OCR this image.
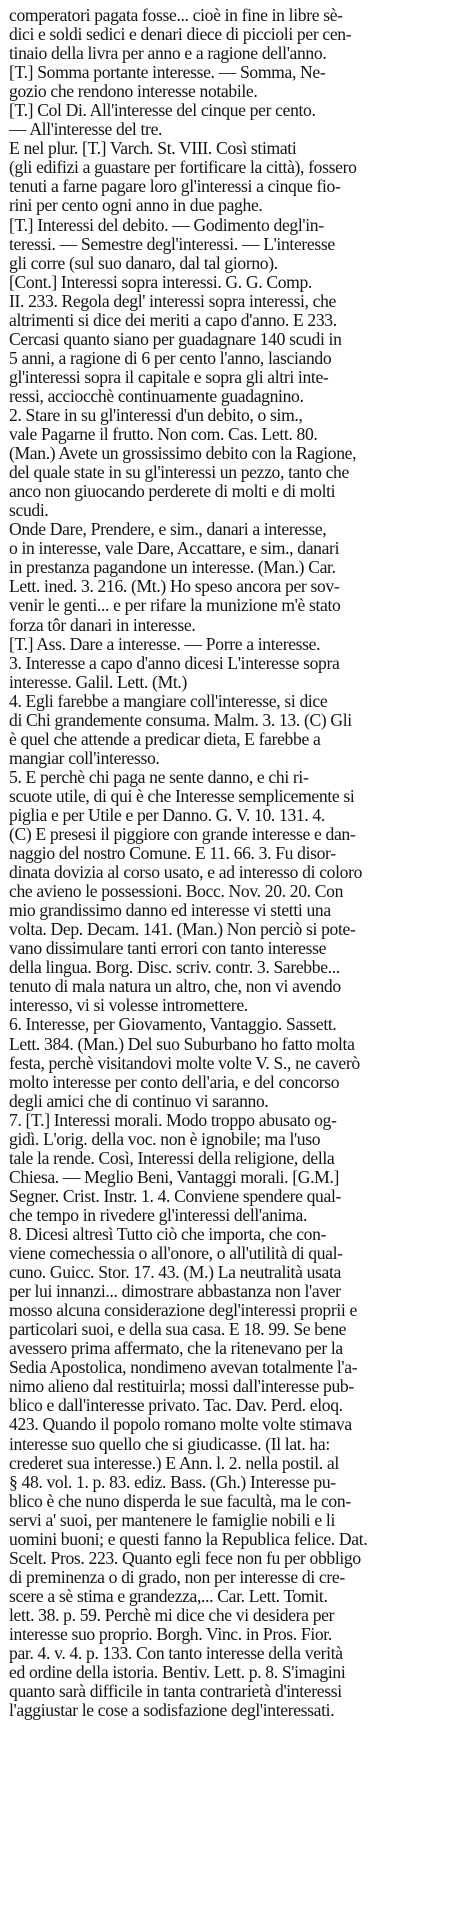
comperatori pagata fosse... cioè in fine in libre sè-
dici e soldi sedici e denari diece di piccioli per cen-
tinaio della livra per anno e a ragione dell'anno.
[T.] Somma portante interesse. — Somma, Ne-
gozio che rendono interesse notabile.
[T.] Col Di. All'interesse del cinque per cento.
— All'interesse del tre.
E nel plur. [T.] Varch. St. VIII. Così stimati
(gli edifizi a guastare per fortificare la città), fossero
tenuti a farne pagare loro gl'interessi a cinque fio-
rini per cento ogni anno in due paghe.
[T.] Interessi del debito. — Godimento degl'in-
teressi. — Semestre degl'interessi. — L'interesse
gli corre (sul suo danaro, dal tal giorno).
[Cont.] Interessi sopra interessi. G. G. Comp.
II. 233. Regola degl' interessi sopra interessi, che
altrimenti si dice dei meriti a capo d'anno. E 233.
Cercasi quanto siano per guadagnare 140 scudi in
5 anni, a ragione di 6 per cento l'anno, lasciando
gl'interessi sopra il capitale e sopra gli altri inte-
ressi, acciocchè continuamente guadagnino.
2. Stare in su gl'interessi d'un debito, o sim.,
vale Pagarne il frutto. Non com. Cas. Lett. 80.
(Man.) Avete un grossissimo debito con la Ragione,
del quale state in su gl'interessi un pezzo, tanto che
anco non giuocando perderete di molti e di molti
scudi.
Onde Dare, Prendere, e sim., danari a interesse,
o in interesse, vale Dare, Accattare, e sim., danari
in prestanza pagandone un interesse. (Man.) Car.
Lett. ined. 3. 216. (Mt.) Ho speso ancora per sov-
venir le genti... e per rifare la munizione m'è stato
forza tôr danari in interesse.
[T.] Ass. Dare a interesse. — Porre a interesse.
3. Interesse a capo d'anno dicesi L'interesse sopra
interesse. Galil. Lett. (Mt.)
4. Egli farebbe a mangiare coll'interesse, si dice
di Chi grandemente consuma. Malm. 3. 13. (C) Gli
è quel che attende a predicar dieta, E farebbe a
mangiar coll'interesso.
5. E perchè chi paga ne sente danno, e chi ri-
scuote utile, di qui è che Interesse semplicemente si
piglia e per Utile e per Danno. G. V. 10. 131. 4.
(C) E presesi il piggiore con grande interesse e dan-
naggio del nostro Comune. E 11. 66. 3. Fu disor-
dinata dovizia al corso usato, e ad interesso di coloro
che avieno le possessioni. Bocc. Nov. 20. 20. Con
mio grandissimo danno ed interesse vi stetti una
volta. Dep. Decam. 141. (Man.) Non perciò si pote-
vano dissimulare tanti errori con tanto interesse
della lingua. Borg. Disc. scriv. contr. 3. Sarebbe...
tenuto di mala natura un altro, che, non vi avendo
interesso, vi si volesse intromettere.
6. Interesse, per Giovamento, Vantaggio. Sassett.
Lett. 384. (Man.) Del suo Suburbano ho fatto molta
festa, perchè visitandovi molte volte V. S., ne caverò
molto interesse per conto dell'aria, e del concorso
degli amici che di continuo vi saranno.
7. [T.] Interessi morali. Modo troppo abusato og-
gidì. L'orig. della voc. non è ignobile; ma l'uso
tale la rende. Così, Interessi della religione, della
Chiesa. — Meglio Beni, Vantaggi morali. [G.M.]
Segner. Crist. Instr. 1. 4. Conviene spendere qual-
che tempo in rivedere gl'interessi dell'anima.
8. Dicesi altresì Tutto ciò che importa, che con-
viene comechessia o all'onore, o all'utilità di qual-
cuno. Guicc. Stor. 17. 43. (M.) La neutralità usata
per lui innanzi... dimostrare abbastanza non l'aver
mosso alcuna considerazione degl'interessi proprii e
particolari suoi, e della sua casa. E 18. 99. Se bene
avessero prima affermato, che la ritenevano per la
Sedia Apostolica, nondimeno avevan totalmente l'a-
nimo alieno dal restituirla; mossi dall'interesse pub-
blico e dall'interesse privato. Tac. Dav. Perd. eloq.
423. Quando il popolo romano molte volte stimava
interesse suo quello che si giudicasse. (Il lat. ha:
crederet sua interesse.) E Ann. l. 2. nella postil. al
§ 48. vol. 1. p. 83. ediz. Bass. (Gh.) Interesse pu-
blico è che nuno disperda le sue facultà, ma le con-
servi a' suoi, per mantenere le famiglie nobili e li
uomini buoni; e questi fanno la Republica felice. Dat.
Scelt. Pros. 223. Quanto egli fece non fu per obbligo
di preminenza o di grado, non per interesse di cre-
scere a sè stima e grandezza,... Car. Lett. Tomit.
lett. 38. p. 59. Perchè mi dice che vi desidera per
interesse suo proprio. Borgh. Vinc. in Pros. Fior.
par. 4. v. 4. p. 133. Con tanto interesse della verità
ed ordine della istoria. Bentiv. Lett. p. 8. S'imagini
quanto sarà difficile in tanta contrarietà d'interessi
l'aggiustar le cose a sodisfazione degl'interessati.
